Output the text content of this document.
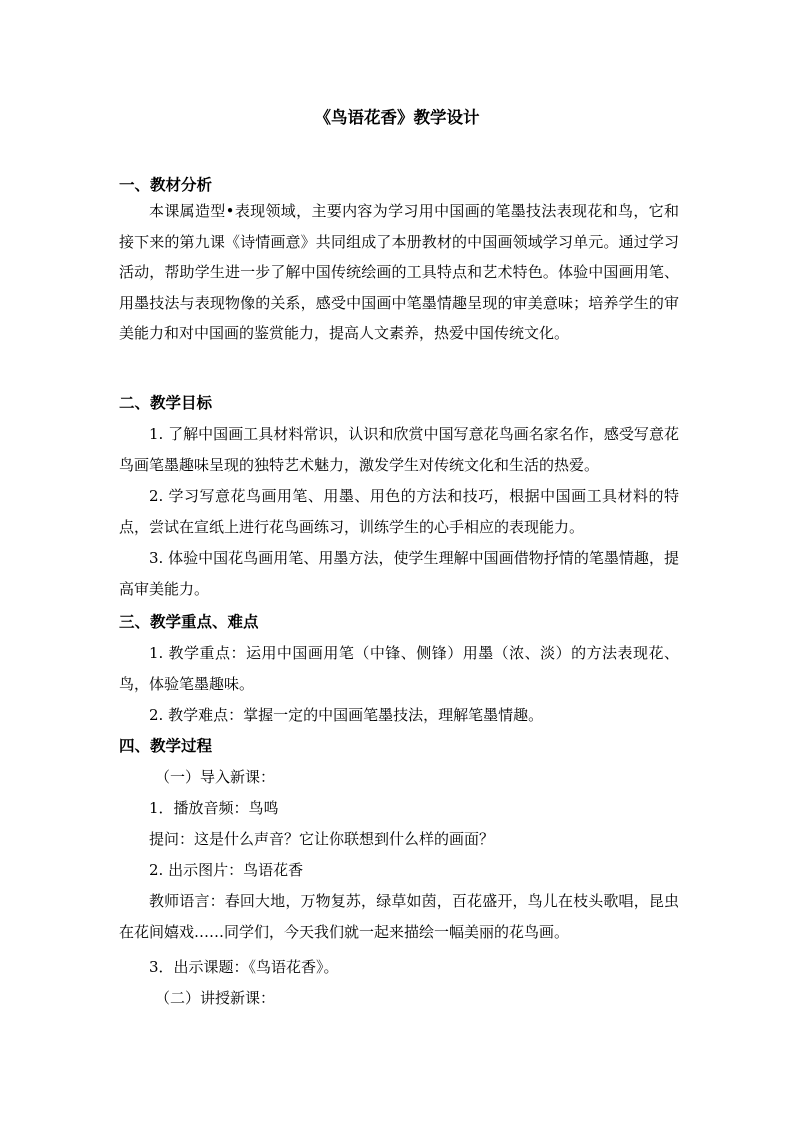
《鸟语花香》教学设计
一、教材分析
本课属造型•表现领域，主要内容为学习用中国画的笔墨技法表现花和鸟，它和接下来的第九课《诗情画意》共同组成了本册教材的中国画领域学习单元。通过学习活动，帮助学生进一步了解中国传统绘画的工具特点和艺术特色。体验中国画用笔、用墨技法与表现物像的关系，感受中国画中笔墨情趣呈现的审美意味；培养学生的审美能力和对中国画的鉴赏能力，提高人文素养，热爱中国传统文化。
二、教学目标
1. 了解中国画工具材料常识，认识和欣赏中国写意花鸟画名家名作，感受写意花鸟画笔墨趣味呈现的独特艺术魅力，激发学生对传统文化和生活的热爱。
2. 学习写意花鸟画用笔、用墨、用色的方法和技巧，根据中国画工具材料的特点，尝试在宣纸上进行花鸟画练习，训练学生的心手相应的表现能力。
3. 体验中国花鸟画用笔、用墨方法，使学生理解中国画借物抒情的笔墨情趣，提高审美能力。
三、教学重点、难点
1. 教学重点：运用中国画用笔（中锋、侧锋）用墨（浓、淡）的方法表现花、鸟，体验笔墨趣味。
2. 教学难点：掌握一定的中国画笔墨技法，理解笔墨情趣。
四、教学过程
（一）导入新课：
1．播放音频：鸟鸣
提问：这是什么声音？它让你联想到什么样的画面？
2. 出示图片：鸟语花香
教师语言：春回大地，万物复苏，绿草如茵，百花盛开，鸟儿在枝头歌唱，昆虫在花间嬉戏……同学们，今天我们就一起来描绘一幅美丽的花鸟画。
3．出示课题：《鸟语花香》。
（二）讲授新课：
